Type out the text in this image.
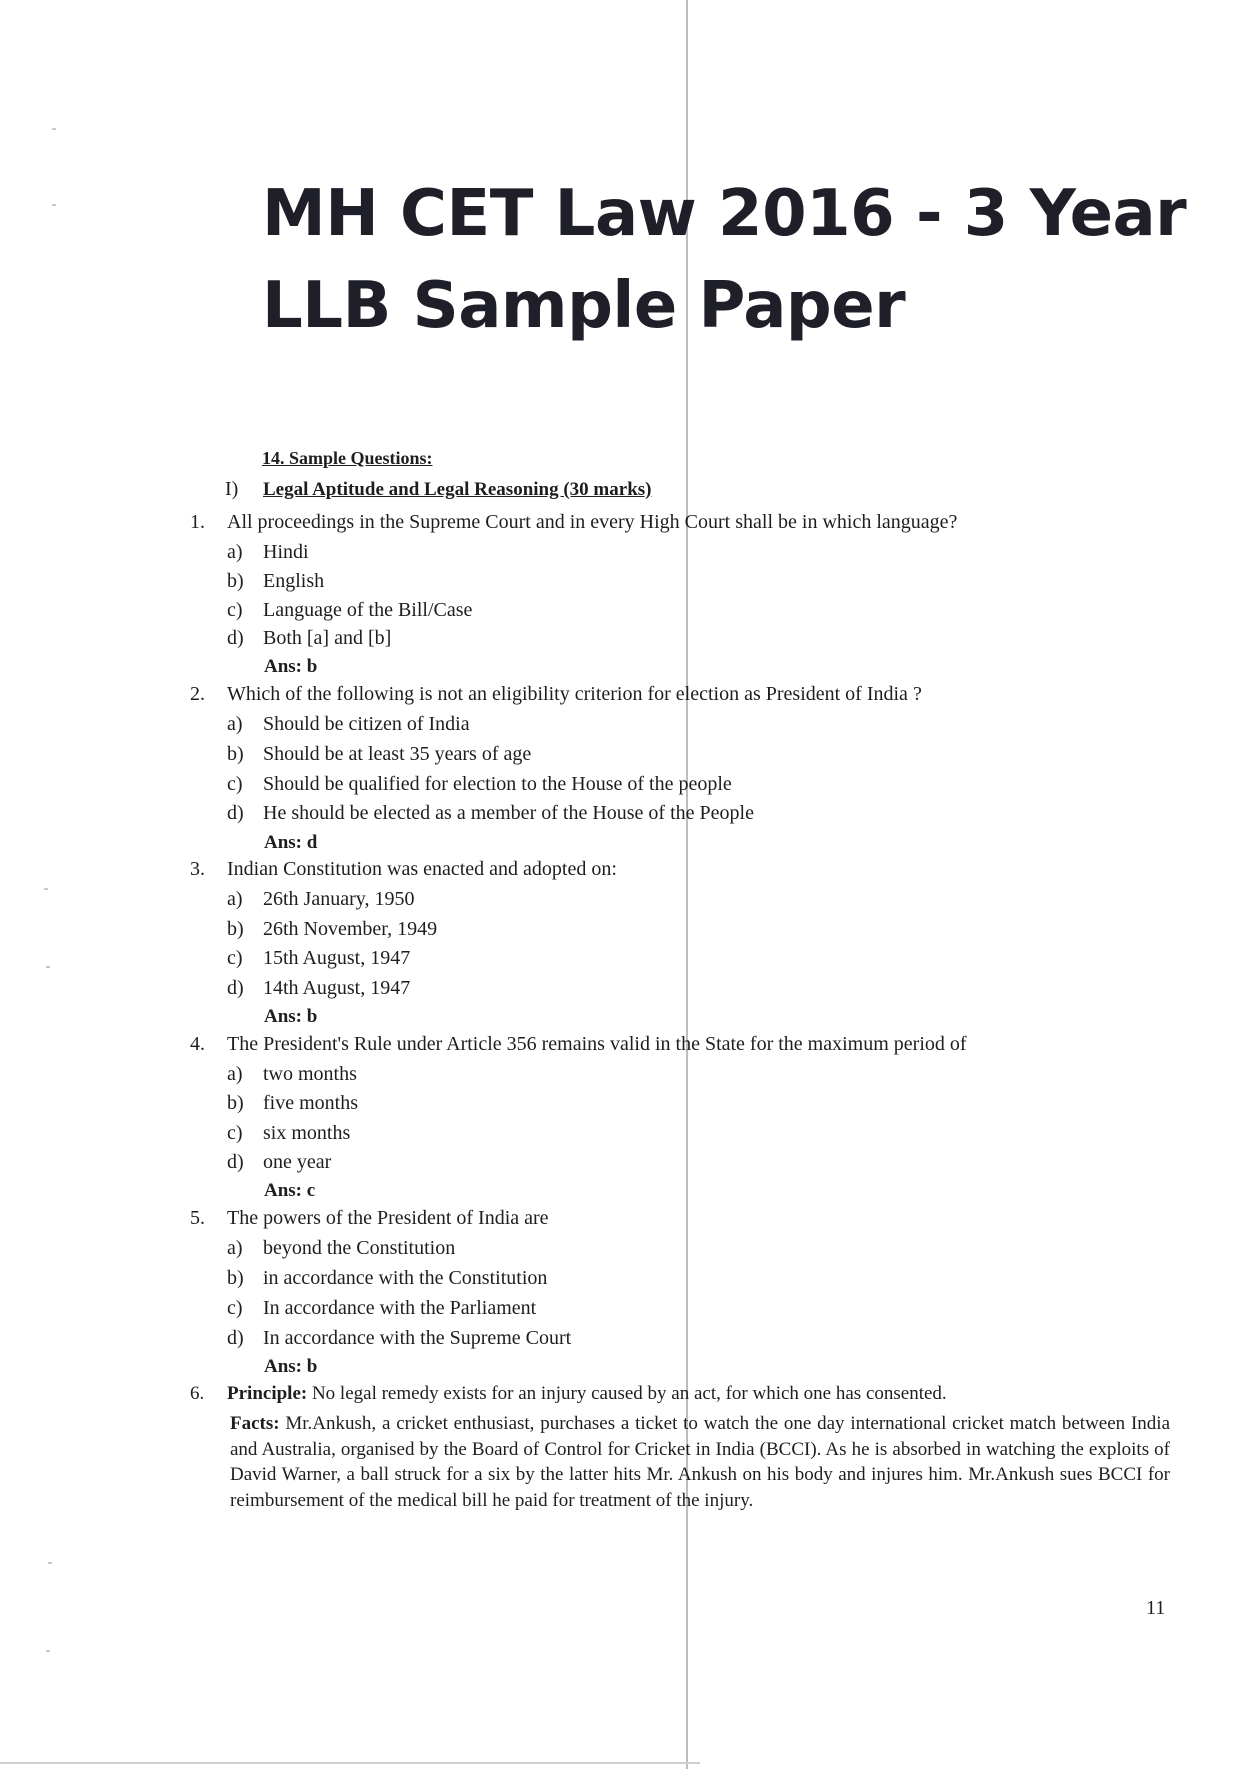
MH CET Law 2016 - 3 Year
LLB Sample Paper
14. Sample Questions:
I) Legal Aptitude and Legal Reasoning (30 marks)
1. All proceedings in the Supreme Court and in every High Court shall be in which language?
a) Hindi
b) English
c) Language of the Bill/Case
d) Both [a] and [b]
Ans: b
2. Which of the following is not an eligibility criterion for election as President of India ?
a) Should be citizen of India
b) Should be at least 35 years of age
c) Should be qualified for election to the House of the people
d) He should be elected as a member of the House of the People
Ans: d
3. Indian Constitution was enacted and adopted on:
a) 26th January, 1950
b) 26th November, 1949
c) 15th August, 1947
d) 14th August, 1947
Ans: b
4. The President's Rule under Article 356 remains valid in the State for the maximum period of
a) two months
b) five months
c) six months
d) one year
Ans: c
5. The powers of the President of India are
a) beyond the Constitution
b) in accordance with the Constitution
c) In accordance with the Parliament
d) In accordance with the Supreme Court
Ans: b
6. Principle: No legal remedy exists for an injury caused by an act, for which one has consented.
Facts: Mr.Ankush, a cricket enthusiast, purchases a ticket to watch the one day international cricket match between India and Australia, organised by the Board of Control for Cricket in India (BCCI). As he is absorbed in watching the exploits of David Warner, a ball struck for a six by the latter hits Mr. Ankush on his body and injures him. Mr.Ankush sues BCCI for reimbursement of the medical bill he paid for treatment of the injury.
11
